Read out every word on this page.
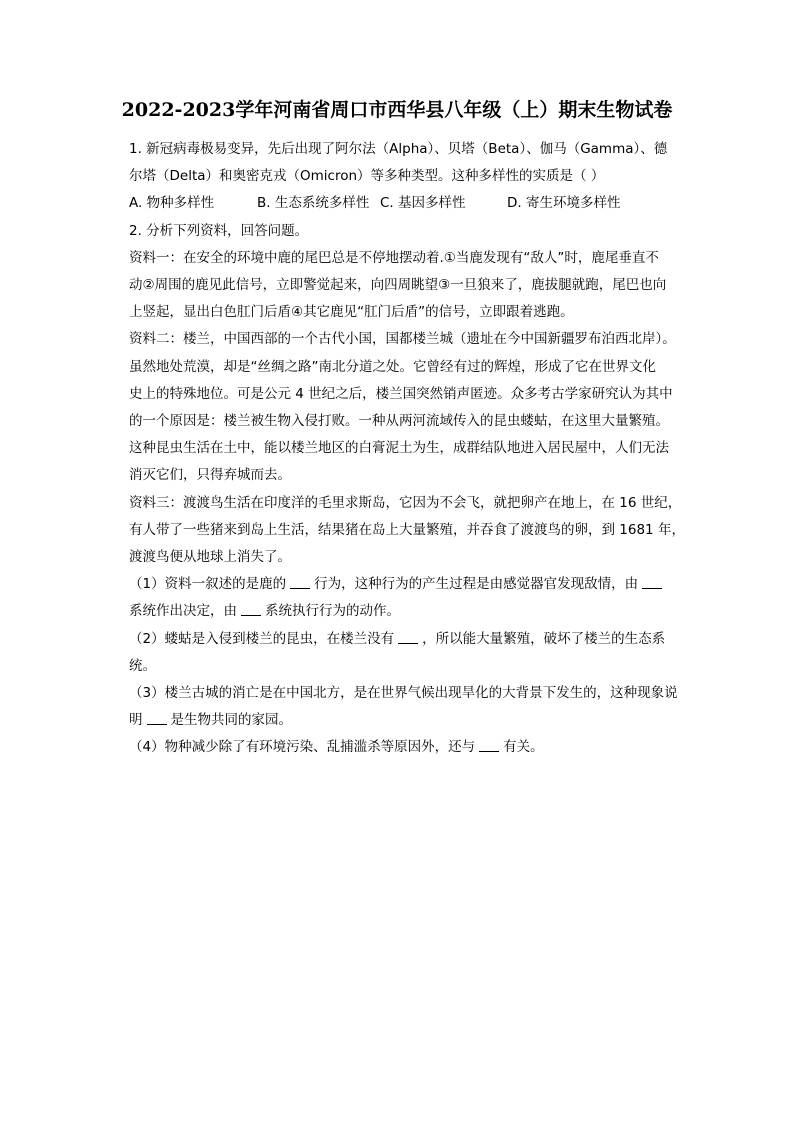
2022-2023学年河南省周口市西华县八年级（上）期末生物试卷

1. 新冠病毒极易变异，先后出现了阿尔法（Alpha）、贝塔（Beta）、伽马（Gamma）、德

尔塔（Delta）和奥密克戎（Omicron）等多种类型。这种多样性的实质是（ ）

A. 物种多样性	B. 生态系统多样性 C. 基因多样性	D. 寄生环境多样性

2. 分析下列资料，回答问题。

资料一：在安全的环境中鹿的尾巴总是不停地摆动着.①当鹿发现有“敌人”时，鹿尾垂直不

动②周围的鹿见此信号，立即警觉起来，向四周眺望③一旦狼来了，鹿拔腿就跑，尾巴也向

上竖起，显出白色肛门后盾④其它鹿见“肛门后盾”的信号，立即跟着逃跑。

资料二：楼兰，中国西部的一个古代小国，国都楼兰城（遗址在今中国新疆罗布泊西北岸）。

虽然地处荒漠，却是“丝绸之路”南北分道之处。它曾经有过的辉煌，形成了它在世界文化

史上的特殊地位。可是公元 4 世纪之后，楼兰国突然销声匿迹。众多考古学家研究认为其中

的一个原因是：楼兰被生物入侵打败。一种从两河流域传入的昆虫蝼蛄，在这里大量繁殖。

这种昆虫生活在土中，能以楼兰地区的白膏泥土为生，成群结队地进入居民屋中，人们无法

消灭它们，只得弃城而去。

资料三：渡渡鸟生活在印度洋的毛里求斯岛，它因为不会飞，就把卵产在地上，在 16 世纪，

有人带了一些猪来到岛上生活，结果猪在岛上大量繁殖，并吞食了渡渡鸟的卵，到 1681 年，

渡渡鸟便从地球上消失了。

（1）资料一叙述的是鹿的 行为，这种行为的产生过程是由感觉器官发现敌情，由

系统作出决定，由 系统执行行为的动作。

（2）蝼蛄是入侵到楼兰的昆虫，在楼兰没有 ，所以能大量繁殖，破坏了楼兰的生态系

统。

（3）楼兰古城的消亡是在中国北方，是在世界气候出现旱化的大背景下发生的，这种现象说

明 是生物共同的家园。

（4）物种减少除了有环境污染、乱捕滥杀等原因外，还与 有关。
